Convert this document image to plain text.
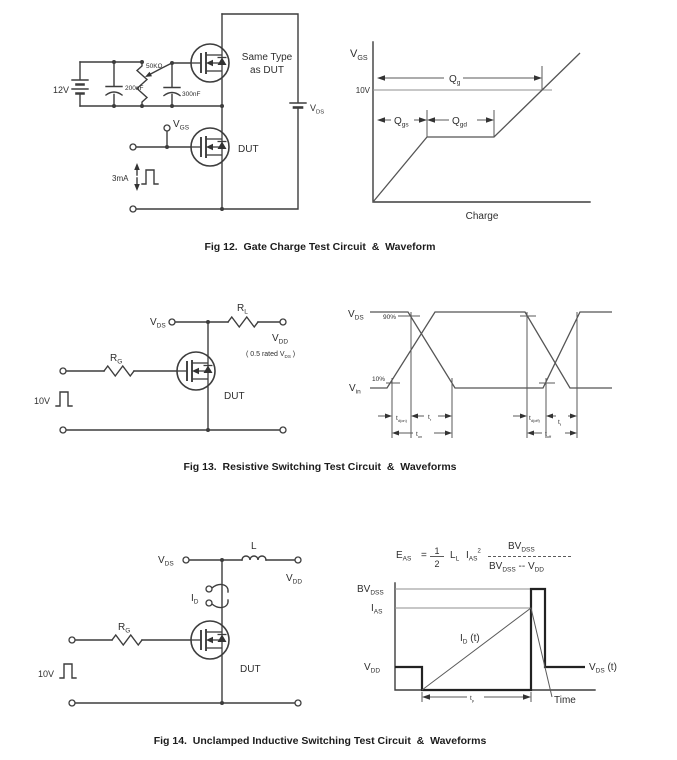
12V	200nF
50KΩ
300nF
Same Type
as DUT
$V_{GS}$
DUT
3mA
$V_{DS}$
$V_{GS}$
10V
$Q_g$
$Q_{gs}$	$Q_{gd}$
Charge
$V_{DS}$
$R_L$
$V_{DD}$
( 0.5 rated $V_{DS}$ )
$R_G$
10V	DUT
$V_{DS}$
$V_{in}$
90%
10%
$t_{d(on)}$	$t_r$
$t_{on}$
$t_{d(off)}$	$t_f$
$t_{off}$
$V_{DS}$
L
$V_{DD}$
$I_D$
$R_G$
10V	DUT
$E_{AS} = 1$
2
$L_L$ $I_{AS}^2$	$BV_{DSS}$
$BV_{DSS} -- V_{DD}$
$BV_{DSS}$
$I_{AS}$
$V_{DD}$
$I_D$ (t)
$V_{DS}$ (t)
$t_p$	Time
Fig 12.  Gate Charge Test Circuit  &  Waveform
Fig 13.  Resistive Switching Test Circuit  &  Waveforms
Fig 14.  Unclamped Inductive Switching Test Circuit  &  Waveforms
